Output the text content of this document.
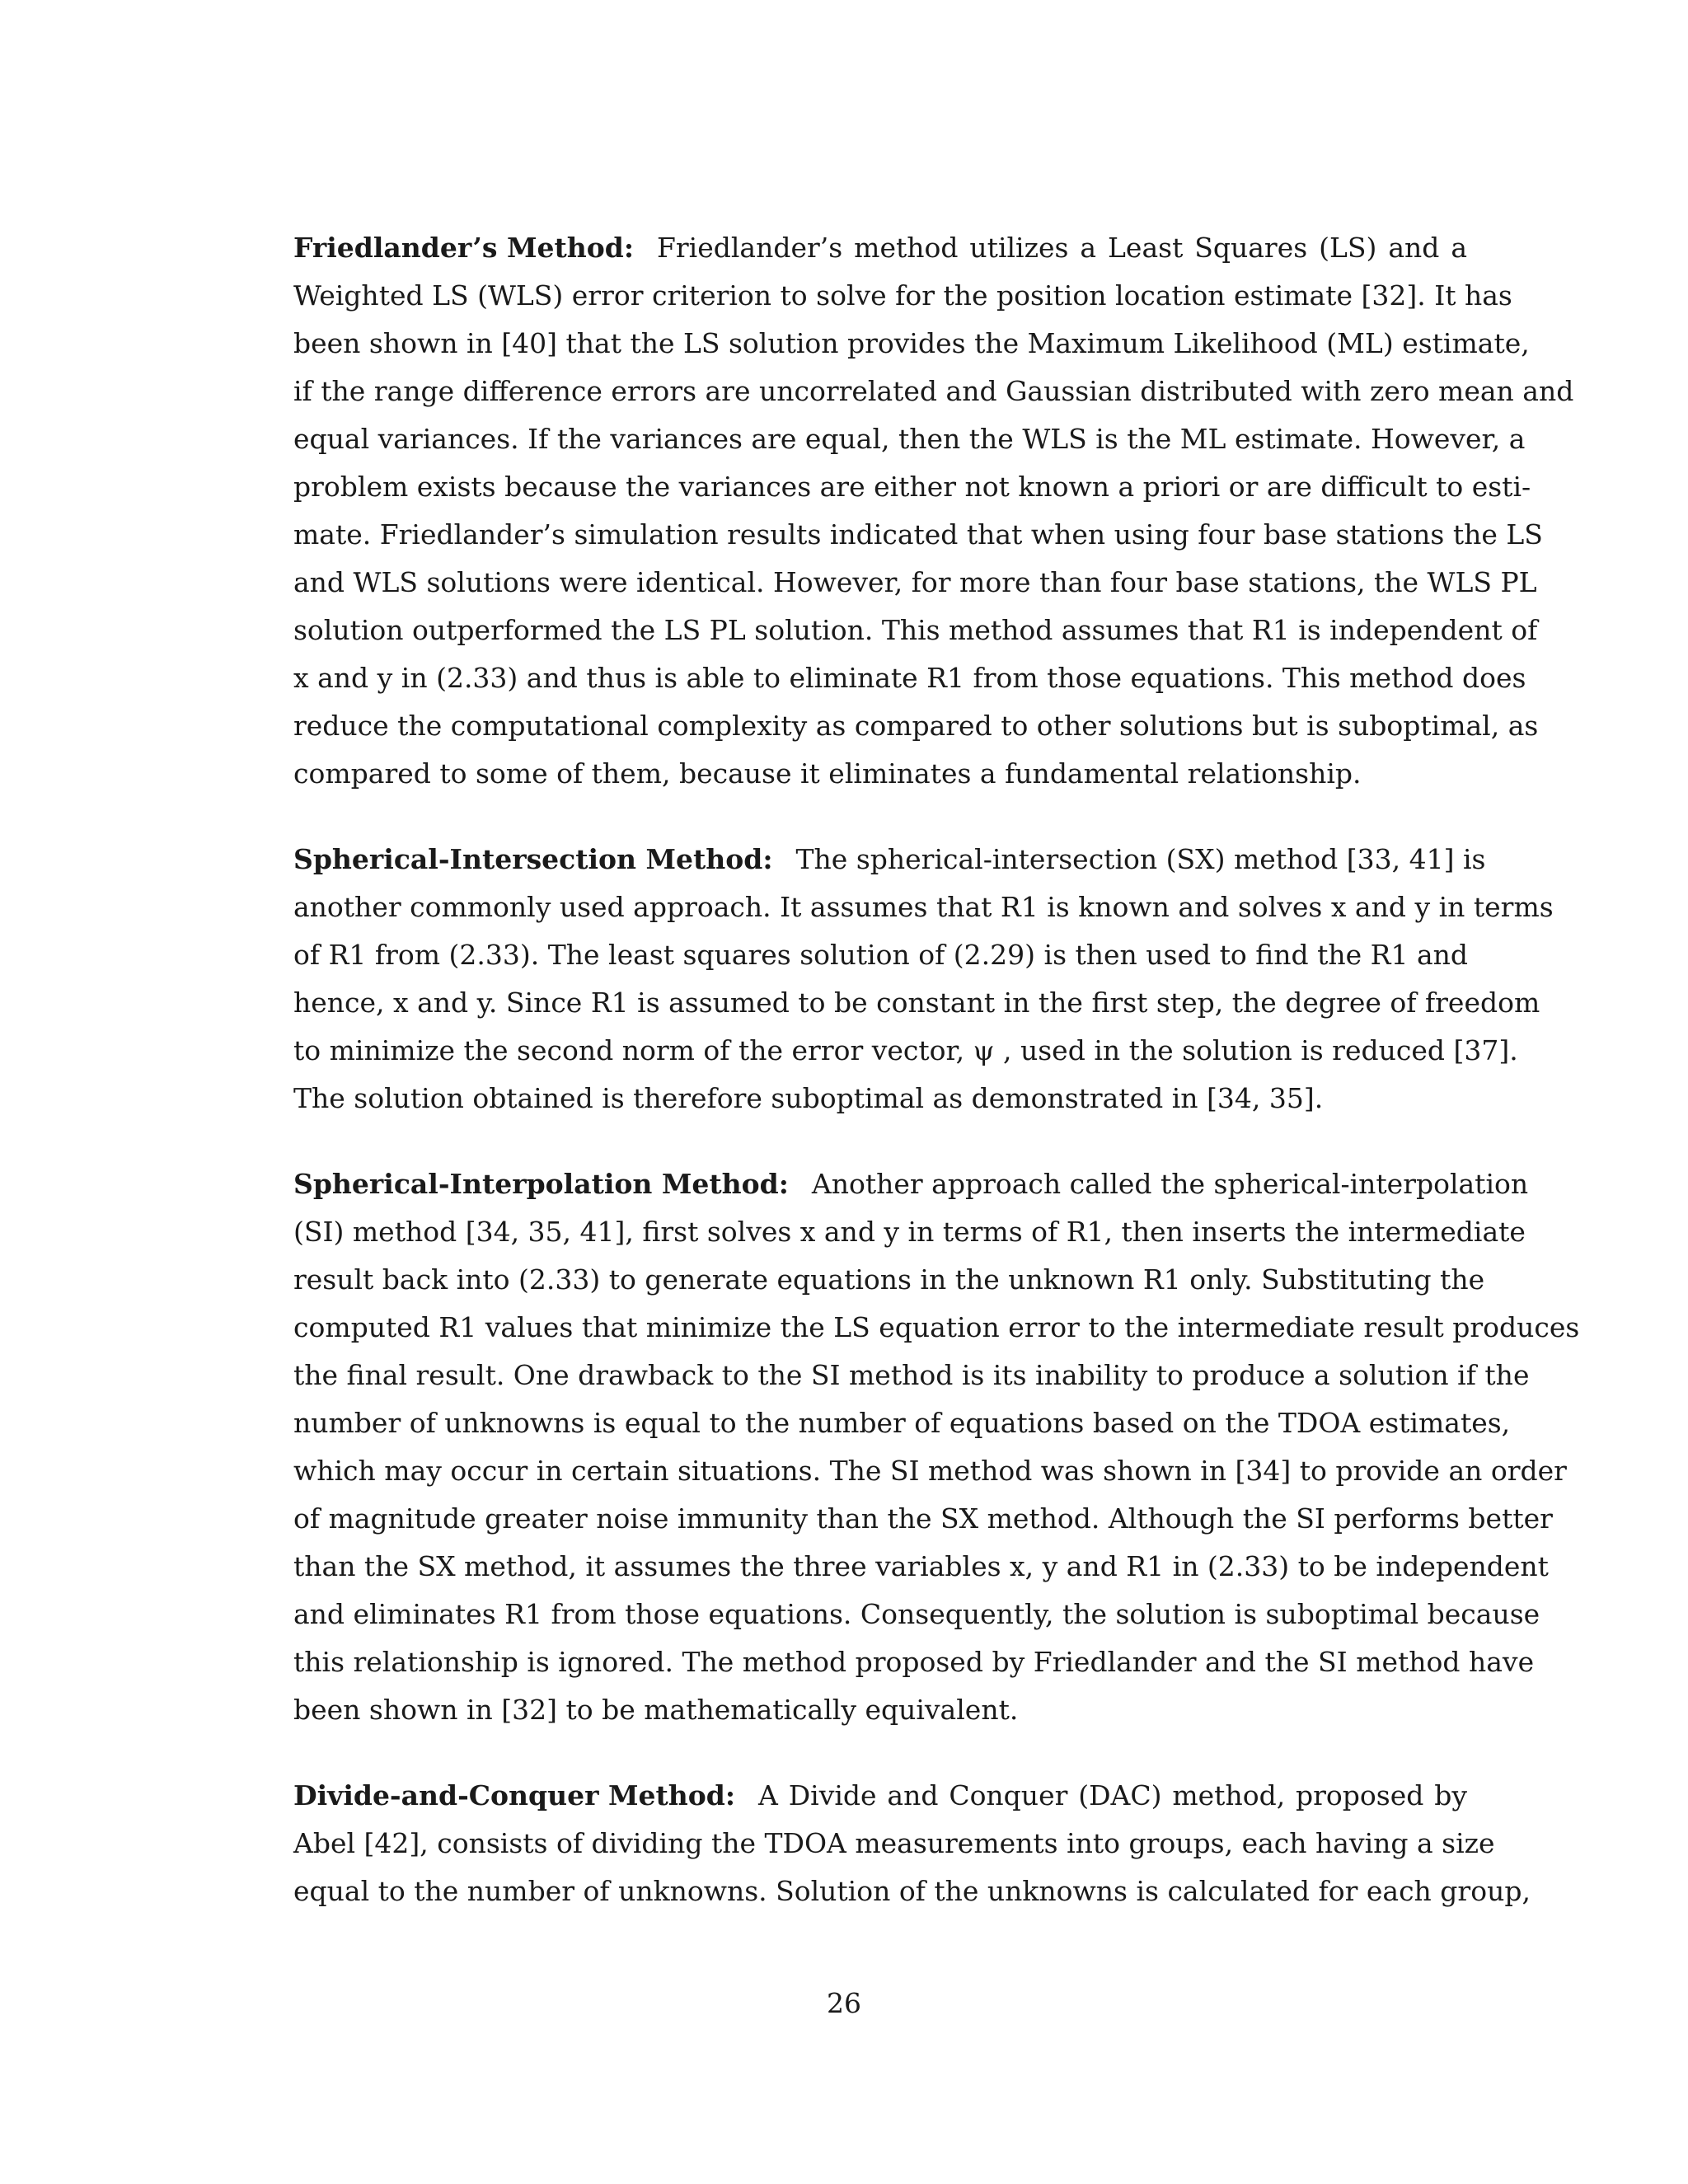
Friedlander’s Method: Friedlander’s method utilizes a Least Squares (LS) and a
Weighted LS (WLS) error criterion to solve for the position location estimate [32]. It has
been shown in [40] that the LS solution provides the Maximum Likelihood (ML) estimate,
if the range difference errors are uncorrelated and Gaussian distributed with zero mean and
equal variances. If the variances are equal, then the WLS is the ML estimate. However, a
problem exists because the variances are either not known a priori or are difficult to esti-
mate. Friedlander’s simulation results indicated that when using four base stations the LS
and WLS solutions were identical. However, for more than four base stations, the WLS PL
solution outperformed the LS PL solution. This method assumes that R1 is independent of
x and y in (2.33) and thus is able to eliminate R1 from those equations. This method does
reduce the computational complexity as compared to other solutions but is suboptimal, as
compared to some of them, because it eliminates a fundamental relationship.
Spherical-Intersection Method: The spherical-intersection (SX) method [33, 41] is
another commonly used approach. It assumes that R1 is known and solves x and y in terms
of R1 from (2.33). The least squares solution of (2.29) is then used to find the R1 and
hence, x and y. Since R1 is assumed to be constant in the first step, the degree of freedom
to minimize the second norm of the error vector, ψ , used in the solution is reduced [37].
The solution obtained is therefore suboptimal as demonstrated in [34, 35].
Spherical-Interpolation Method: Another approach called the spherical-interpolation
(SI) method [34, 35, 41], first solves x and y in terms of R1, then inserts the intermediate
result back into (2.33) to generate equations in the unknown R1 only. Substituting the
computed R1 values that minimize the LS equation error to the intermediate result produces
the final result. One drawback to the SI method is its inability to produce a solution if the
number of unknowns is equal to the number of equations based on the TDOA estimates,
which may occur in certain situations. The SI method was shown in [34] to provide an order
of magnitude greater noise immunity than the SX method. Although the SI performs better
than the SX method, it assumes the three variables x, y and R1 in (2.33) to be independent
and eliminates R1 from those equations. Consequently, the solution is suboptimal because
this relationship is ignored. The method proposed by Friedlander and the SI method have
been shown in [32] to be mathematically equivalent.
Divide-and-Conquer Method: A Divide and Conquer (DAC) method, proposed by
Abel [42], consists of dividing the TDOA measurements into groups, each having a size
equal to the number of unknowns. Solution of the unknowns is calculated for each group,
26
